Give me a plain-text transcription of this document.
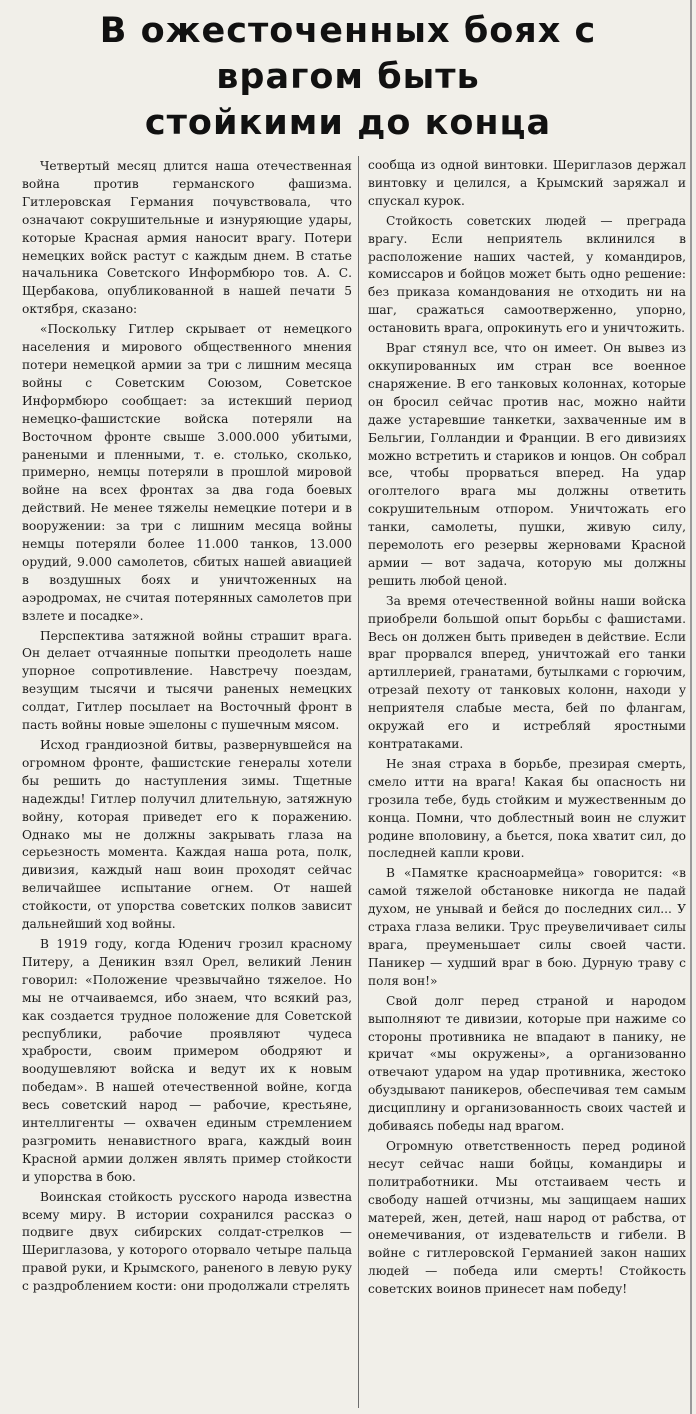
В ожесточенных боях с
врагом быть
стойкими до конца

Четвертый месяц длится наша отечественная война против германского фашизма. Гитлеровская Германия почувствовала, что означают сокрушительные и изнуряющие удары, которые Красная армия наносит врагу. Потери немецких войск растут с каждым днем. В статье начальника Советского Информбюро тов. А. С. Щербакова, опубликованной в нашей печати 5 октября, сказано:

«Поскольку Гитлер скрывает от немецкого населения и мирового общественного мнения потери немецкой армии за три с лишним месяца войны с Советским Союзом, Советское Информбюро сообщает: за истекший период немецко-фашистские войска потеряли на Восточном фронте свыше 3.000.000 убитыми, ранеными и пленными, т. е. столько, сколько, примерно, немцы потеряли в прошлой мировой войне на всех фронтах за два года боевых действий. Не менее тяжелы немецкие потери и в вооружении: за три с лишним месяца войны немцы потеряли более 11.000 танков, 13.000 орудий, 9.000 самолетов, сбитых нашей авиацией в воздушных боях и уничтоженных на аэродромах, не считая потерянных самолетов при взлете и посадке».

Перспектива затяжной войны страшит врага. Он делает отчаянные попытки преодолеть наше упорное сопротивление. Навстречу поездам, везущим тысячи и тысячи раненых немецких солдат, Гитлер посылает на Восточный фронт в пасть войны новые эшелоны с пушечным мясом.

Исход грандиозной битвы, развернувшейся на огромном фронте, фашистские генералы хотели бы решить до наступления зимы. Тщетные надежды! Гитлер получил длительную, затяжную войну, которая приведет его к поражению. Однако мы не должны закрывать глаза на серьезность момента. Каждая наша рота, полк, дивизия, каждый наш воин проходят сейчас величайшее испытание огнем. От нашей стойкости, от упорства советских полков зависит дальнейший ход войны.

В 1919 году, когда Юденич грозил красному Питеру, а Деникин взял Орел, великий Ленин говорил: «Положение чрезвычайно тяжелое. Но мы не отчаиваемся, ибо знаем, что всякий раз, как создается трудное положение для Советской республики, рабочие проявляют чудеса храбрости, своим примером ободряют и воодушевляют войска и ведут их к новым победам». В нашей отечественной войне, когда весь советский народ — рабочие, крестьяне, интеллигенты — охвачен единым стремлением разгромить ненавистного врага, каждый воин Красной армии должен являть пример стойкости и упорства в бою.

Воинская стойкость русского народа известна всему миру. В истории сохранился рассказ о подвиге двух сибирских солдат-стрелков — Шериглазова, у которого оторвало четыре пальца правой руки, и Крымского, раненого в левую руку с раздроблением кости: они продолжали стрелять

сообща из одной винтовки. Шериглазов держал винтовку и целился, а Крымский заряжал и спускал курок.

Стойкость советских людей — преграда врагу. Если неприятель вклинился в расположение наших частей, у командиров, комиссаров и бойцов может быть одно решение: без приказа командования не отходить ни на шаг, сражаться самоотверженно, упорно, остановить врага, опрокинуть его и уничтожить.

Враг стянул все, что он имеет. Он вывез из оккупированных им стран все военное снаряжение. В его танковых колоннах, которые он бросил сейчас против нас, можно найти даже устаревшие танкетки, захваченные им в Бельгии, Голландии и Франции. В его дивизиях можно встретить и стариков и юнцов. Он собрал все, чтобы прорваться вперед. На удар оголтелого врага мы должны ответить сокрушительным отпором. Уничтожать его танки, самолеты, пушки, живую силу, перемолоть его резервы жерновами Красной армии — вот задача, которую мы должны решить любой ценой.

За время отечественной войны наши войска приобрели большой опыт борьбы с фашистами. Весь он должен быть приведен в действие. Если враг прорвался вперед, уничтожай его танки артиллерией, гранатами, бутылками с горючим, отрезай пехоту от танковых колонн, находи у неприятеля слабые места, бей по флангам, окружай его и истребляй яростными контратаками.

Не зная страха в борьбе, презирая смерть, смело итти на врага! Какая бы опасность ни грозила тебе, будь стойким и мужественным до конца. Помни, что доблестный воин не служит родине вполовину, а бьется, пока хватит сил, до последней капли крови.

В «Памятке красноармейца» говорится: «в самой тяжелой обстановке никогда не падай духом, не унывай и бейся до последних сил... У страха глаза велики. Трус преувеличивает силы врага, преуменьшает силы своей части. Паникер — худший враг в бою. Дурную траву с поля вон!»

Свой долг перед страной и народом выполняют те дивизии, которые при нажиме со стороны противника не впадают в панику, не кричат «мы окружены», а организованно отвечают ударом на удар противника, жестоко обуздывают паникеров, обеспечивая тем самым дисциплину и организованность своих частей и добиваясь победы над врагом.

Огромную ответственность перед родиной несут сейчас наши бойцы, командиры и политработники. Мы отстаиваем честь и свободу нашей отчизны, мы защищаем наших матерей, жен, детей, наш народ от рабства, от онемечивания, от издевательств и гибели. В войне с гитлеровской Германией закон наших людей — победа или смерть! Стойкость советских воинов принесет нам победу!
